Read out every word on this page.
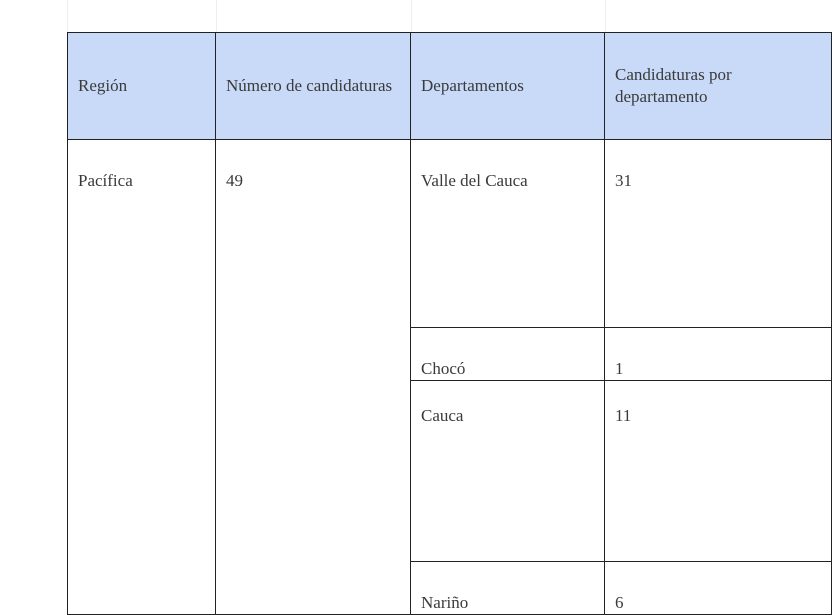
Región	Número de candidaturas	Departamentos	Candidaturas por departamento
Pacífica	49	Valle del Cauca	31
		Chocó	1
		Cauca	11
		Nariño	6
